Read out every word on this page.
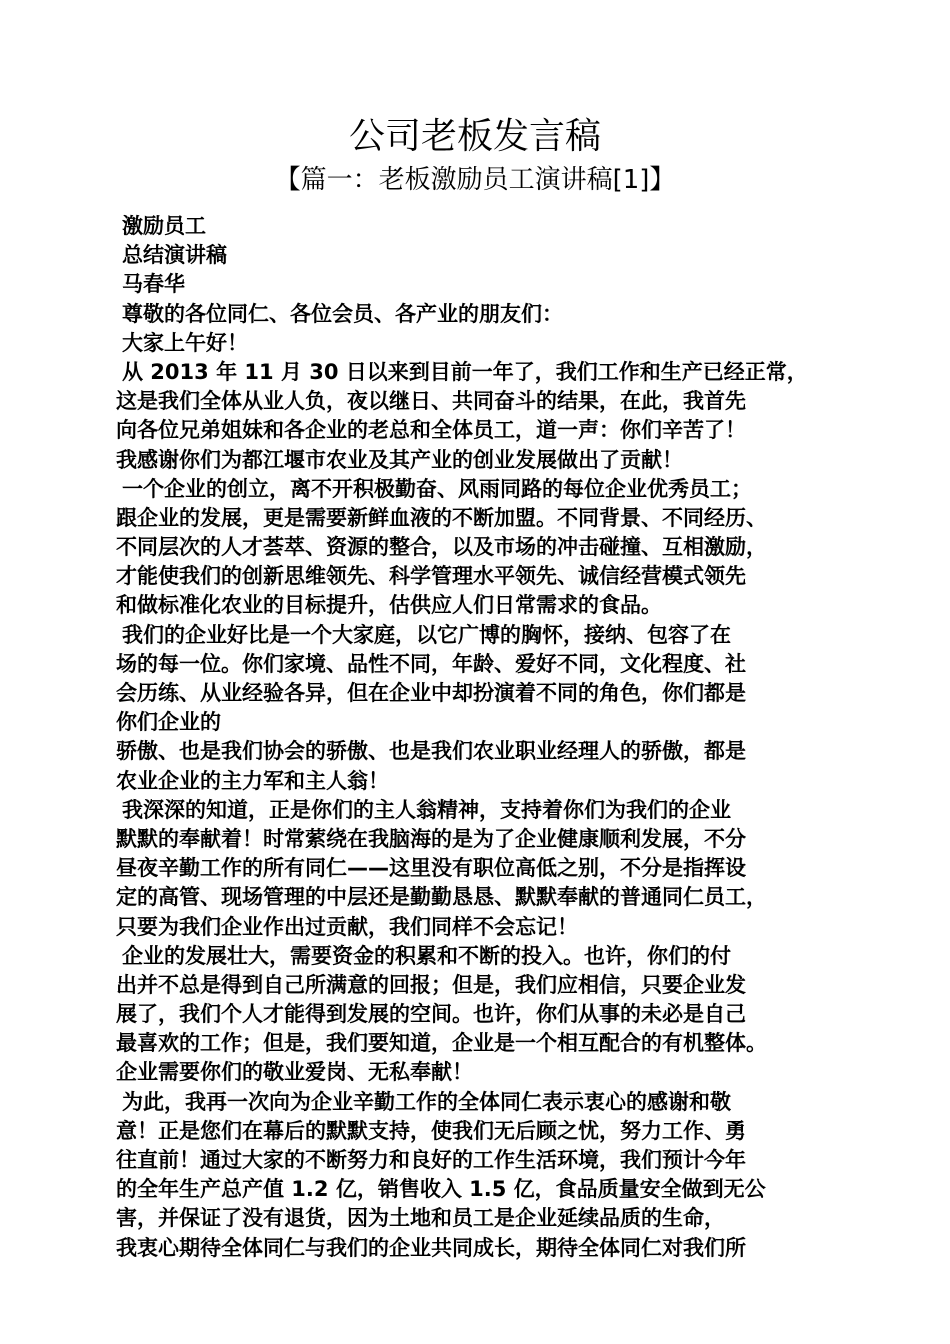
公司老板发言稿
【篇一：老板激励员工演讲稿[1]】
激励员工
总结演讲稿
马春华
尊敬的各位同仁、各位会员、各产业的朋友们：
大家上午好！
从 2013 年 11 月 30 日以来到目前一年了，我们工作和生产已经正常，
这是我们全体从业人负，夜以继日、共同奋斗的结果，在此，我首先
向各位兄弟姐妹和各企业的老总和全体员工，道一声：你们辛苦了！
我感谢你们为都江堰市农业及其产业的创业发展做出了贡献！
一个企业的创立，离不开积极勤奋、风雨同路的每位企业优秀员工；
跟企业的发展，更是需要新鲜血液的不断加盟。不同背景、不同经历、
不同层次的人才荟萃、资源的整合，以及市场的冲击碰撞、互相激励，
才能使我们的创新思维领先、科学管理水平领先、诚信经营模式领先
和做标准化农业的目标提升，估供应人们日常需求的食品。
我们的企业好比是一个大家庭，以它广博的胸怀，接纳、包容了在
场的每一位。你们家境、品性不同，年龄、爱好不同，文化程度、社
会历练、从业经验各异，但在企业中却扮演着不同的角色，你们都是
你们企业的
骄傲、也是我们协会的骄傲、也是我们农业职业经理人的骄傲，都是
农业企业的主力军和主人翁！
我深深的知道，正是你们的主人翁精神，支持着你们为我们的企业
默默的奉献着！时常萦绕在我脑海的是为了企业健康顺利发展，不分
昼夜辛勤工作的所有同仁——这里没有职位高低之别，不分是指挥设
定的高管、现场管理的中层还是勤勤恳恳、默默奉献的普通同仁员工，
只要为我们企业作出过贡献，我们同样不会忘记！
企业的发展壮大，需要资金的积累和不断的投入。也许，你们的付
出并不总是得到自己所满意的回报；但是，我们应相信，只要企业发
展了，我们个人才能得到发展的空间。也许，你们从事的未必是自己
最喜欢的工作；但是，我们要知道，企业是一个相互配合的有机整体。
企业需要你们的敬业爱岗、无私奉献！
为此，我再一次向为企业辛勤工作的全体同仁表示衷心的感谢和敬
意！正是您们在幕后的默默支持，使我们无后顾之忧，努力工作、勇
往直前！通过大家的不断努力和良好的工作生活环境，我们预计今年
的全年生产总产值 1.2 亿，销售收入 1.5 亿，食品质量安全做到无公
害，并保证了没有退货，因为土地和员工是企业延续品质的生命，
我衷心期待全体同仁与我们的企业共同成长，期待全体同仁对我们所
